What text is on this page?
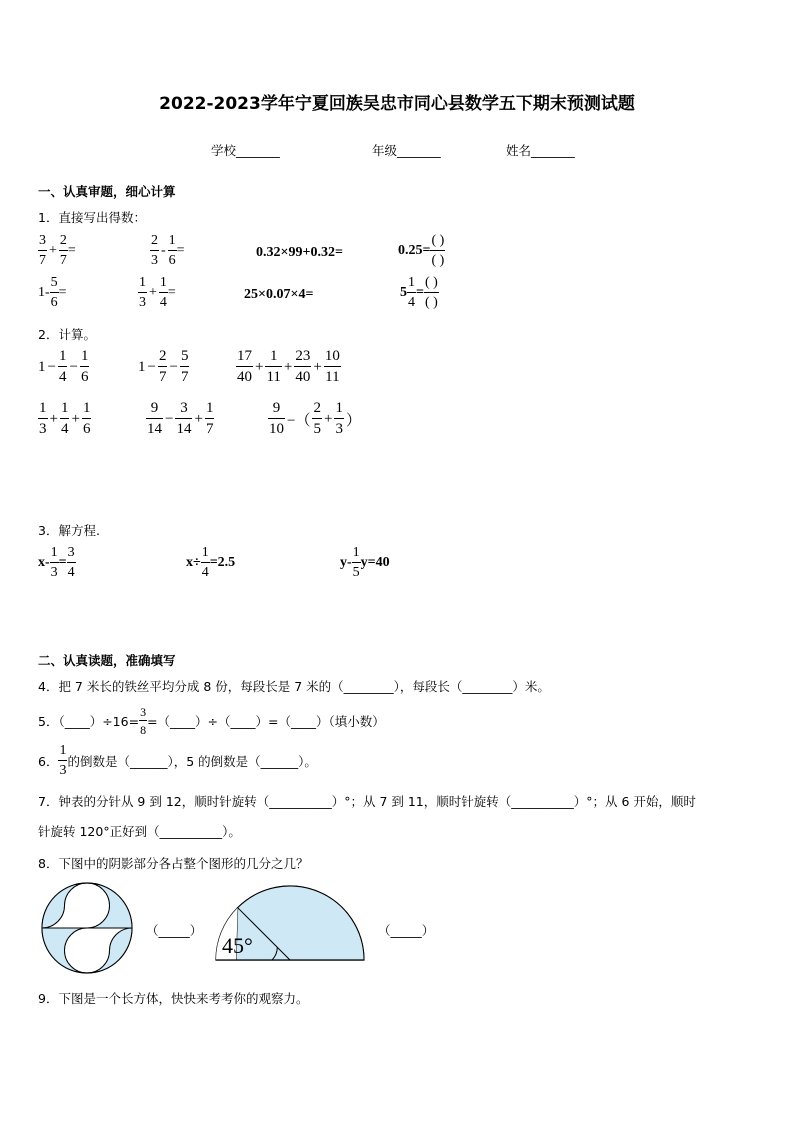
2022-2023学年宁夏回族吴忠市同心县数学五下期末预测试题
学校_______	年级_______	姓名_______
一、认真审题，细心计算
1．直接写出得数：
$\frac{3}{7} + \frac{2}{7}$ =	$\frac{2}{3} - \frac{1}{6}$ =	0.32×99+0.32=	$0.25= \frac{( )}{( )}$
$1- \frac{5}{6}$ =	$\frac{1}{3} + \frac{1}{4}$ =	25×0.07×4=	$5 \frac{1}{4} = \frac{( )}{( )}$
2．计算。
$1 - \frac{1}{4} - \frac{1}{6}$	$1 - \frac{2}{7} - \frac{5}{7}$	$\frac{17}{40} + \frac{1}{11} + \frac{23}{40} + \frac{10}{11}$
$\frac{1}{3} + \frac{1}{4} + \frac{1}{6}$	$\frac{9}{14} - \frac{3}{14} + \frac{1}{7}$	$\frac{9}{10}$ −（ $\frac{2}{5} + \frac{1}{3}$ ）
3．解方程.
$x- \frac{1}{3} = \frac{3}{4}$	$x\div \frac{1}{4} =2.5$	$y- \frac{1}{5} y=40$
二、认真读题，准确填写
4．把 7 米长的铁丝平均分成 8 份，每段长是 7 米的（________），每段长（________）米。
5．（____）÷16= $\frac{3}{8}$ =（____）÷（____）=（____）（填小数）
6． $\frac{1}{3}$ 的倒数是（______），5 的倒数是（______）。
7．钟表的分针从 9 到 12，顺时针旋转（__________）°；从 7 到 11，顺时针旋转（__________）°；从 6 开始，顺时
针旋转 120°正好到（__________）。
8．下图中的阴影部分各占整个图形的几分之几？
（_____）
45°
（_____）
9．下图是一个长方体，快快来考考你的观察力。
